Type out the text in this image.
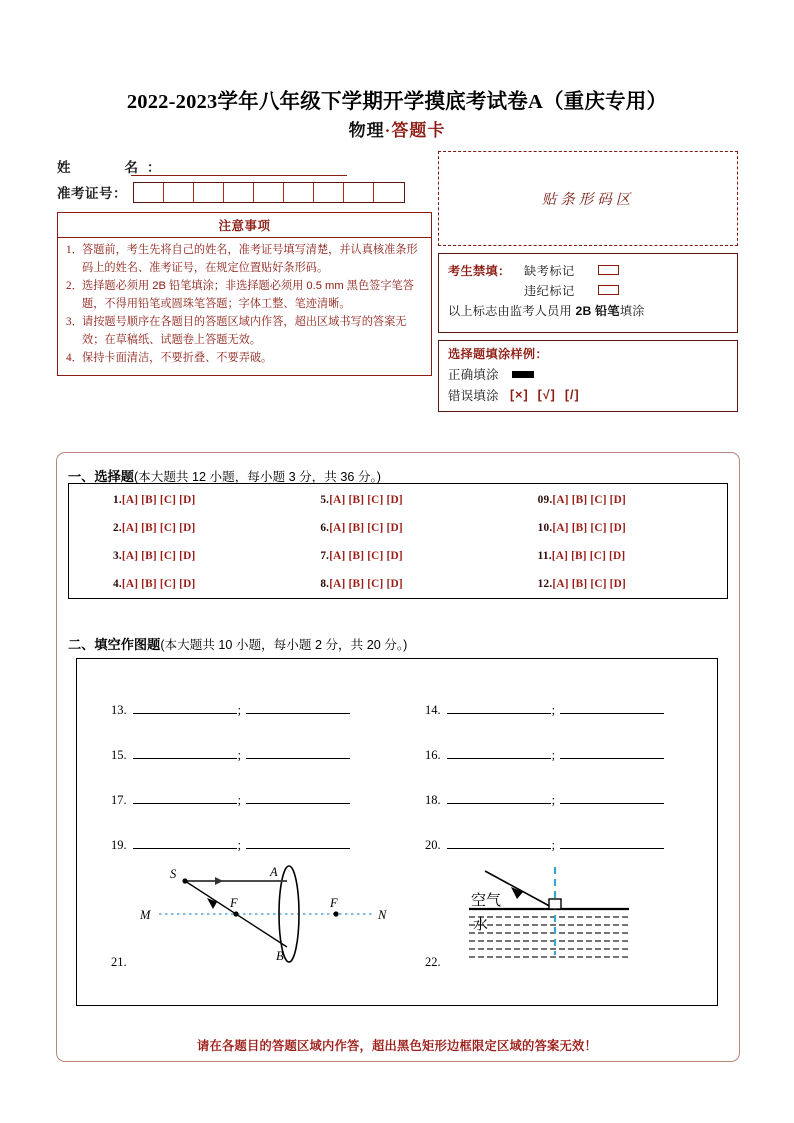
2022-2023学年八年级下学期开学摸底考试卷A（重庆专用）
物理·答题卡
姓　　名：
准考证号：
注意事项
1． 答题前，考生先将自己的姓名，准考证号填写清楚，并认真核准条形码上的姓名、准考证号，在规定位置贴好条形码。
2． 选择题必须用 2B 铅笔填涂；非选择题必须用 0.5 mm 黑色签字笔答题，不得用铅笔或圆珠笔答题；字体工整、笔迹清晰。
3． 请按题号顺序在各题目的答题区域内作答，超出区域书写的答案无效；在草稿纸、试题卷上答题无效。
4． 保持卡面清洁，不要折叠、不要弄破。
贴条形码区
考生禁填：	缺考标记
违纪标记
以上标志由监考人员用 2B 铅笔填涂
选择题填涂样例：
正确填涂
错误填涂 [×] [√] [/]
一、选择题(本大题共 12 小题，每小题 3 分，共 36 分。)
1.[A] [B] [C] [D]	5.[A] [B] [C] [D]	09.[A] [B] [C] [D]
2.[A] [B] [C] [D]	6.[A] [B] [C] [D]	10.[A] [B] [C] [D]
3.[A] [B] [C] [D]	7.[A] [B] [C] [D]	11.[A] [B] [C] [D]
4.[A] [B] [C] [D]	8.[A] [B] [C] [D]	12.[A] [B] [C] [D]
二、填空作图题(本大题共 10 小题，每小题 2 分，共 20 分。)
13.	;	14.	;
15.	;	16.	;
17.	;	18.	;
19.	;	20.	;
21.	22.
S	A
F	F
B
M	N
空气
水
请在各题目的答题区域内作答，超出黑色矩形边框限定区域的答案无效！
